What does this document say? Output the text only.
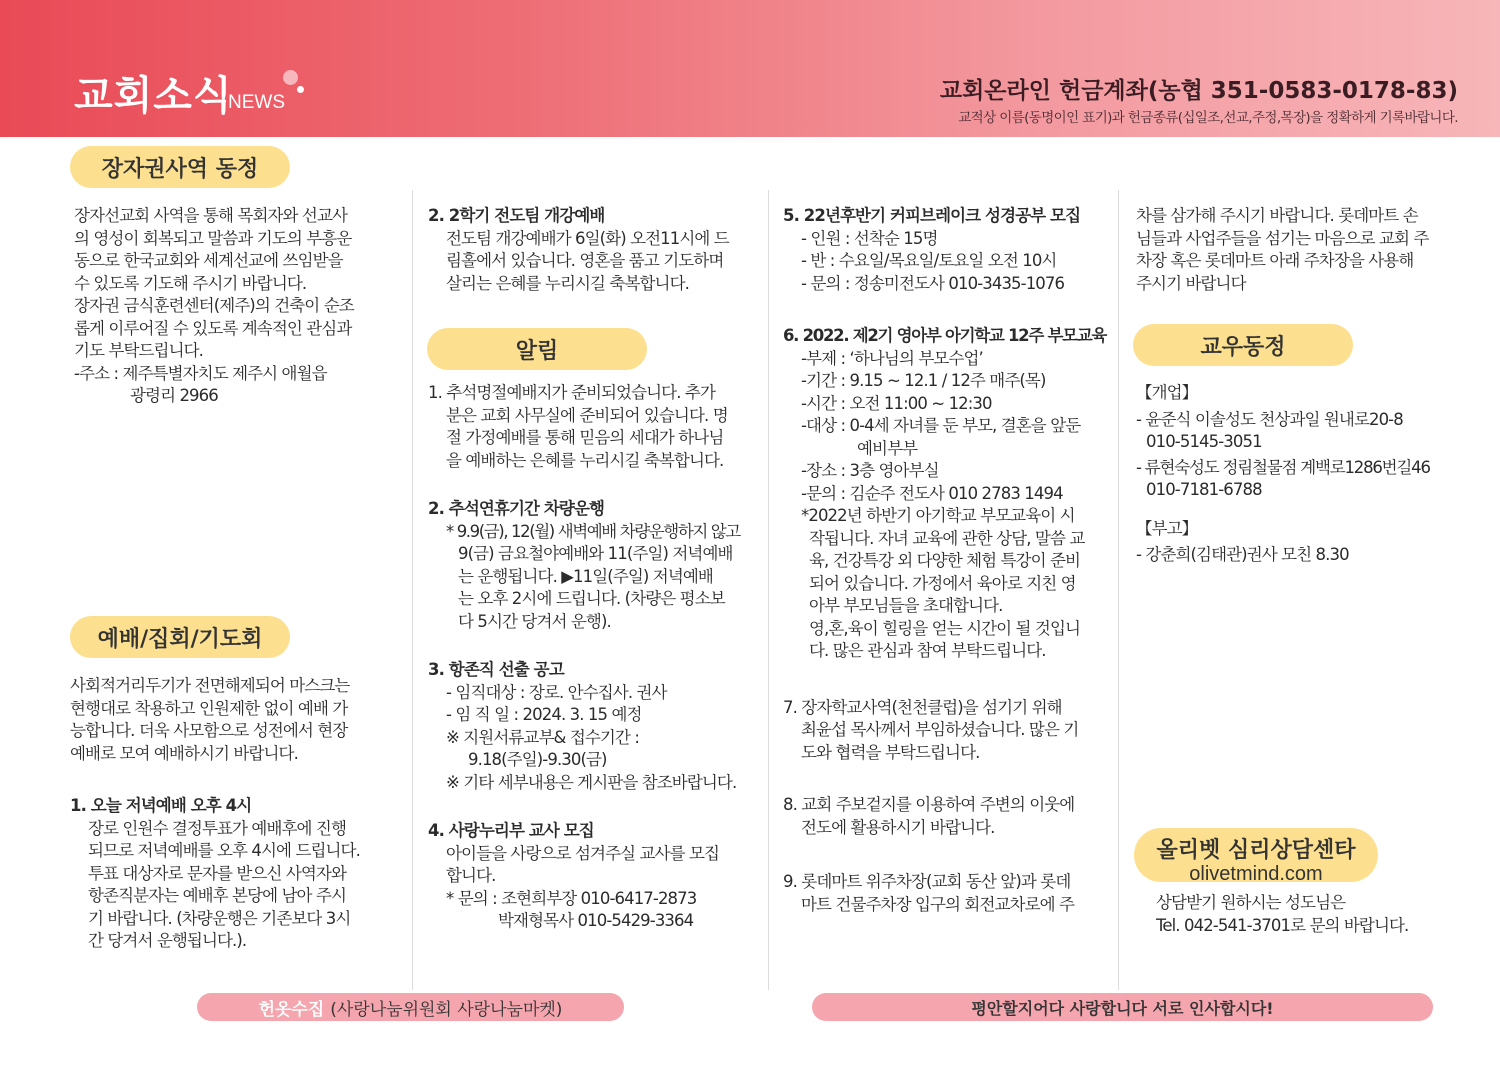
교회소식
NEWS	교회온라인 헌금계좌(농협 351-0583-0178-83)
교적상 이름(동명이인 표기)과 헌금종류(십일조,선교,주정,목장)을 정확하게 기록바랍니다.
장자권사역 동정

장자선교회 사역을 통해 목회자와 선교사

의 영성이 회복되고 말씀과 기도의 부흥운

동으로 한국교회와 세계선교에 쓰임받을

수 있도록 기도해 주시기 바랍니다.

장자권 금식훈련센터(제주)의 건축이 순조

롭게 이루어질 수 있도록 계속적인 관심과

기도 부탁드립니다.

-주소 : 제주특별자치도 제주시 애월읍

광령리 2966

예배/집회/기도회

사회적거리두기가 전면해제되어 마스크는

현행대로 착용하고 인원제한 없이 예배 가

능합니다. 더욱 사모함으로 성전에서 현장

예배로 모여 예배하시기 바랍니다.

1. 오늘 저녁예배 오후 4시

장로 인원수 결정투표가 예배후에 진행

되므로 저녁예배를 오후 4시에 드립니다.

투표 대상자로 문자를 받으신 사역자와

항존직분자는 예배후 본당에 남아 주시

기 바랍니다. (차량운행은 기존보다 3시

간 당겨서 운행됩니다.).

2. 2학기 전도팀 개강예배

전도팀 개강예배가 6일(화) 오전11시에 드

림홀에서 있습니다. 영혼을 품고 기도하며

살리는 은혜를 누리시길 축복합니다.

알림

1. 추석명절예배지가 준비되었습니다. 추가

분은 교회 사무실에 준비되어 있습니다. 명

절 가정예배를 통해 믿음의 세대가 하나님

을 예배하는 은혜를 누리시길 축복합니다.

2. 추석연휴기간 차량운행

* 9.9(금), 12(월) 새벽예배 차량운행하지 않고

9(금) 금요철야예배와 11(주일) 저녁예배

는 운행됩니다. ▶11일(주일) 저녁예배

는 오후 2시에 드립니다. (차량은 평소보

다 5시간 당겨서 운행).

3. 항존직 선출 공고

- 임직대상 : 장로. 안수집사. 권사

- 임 직 일 : 2024. 3. 15 예정

※ 지원서류교부& 접수기간 :

9.18(주일)-9.30(금)

※ 기타 세부내용은 게시판을 참조바랍니다.

4. 사랑누리부 교사 모집

아이들을 사랑으로 섬겨주실 교사를 모집

합니다.

* 문의 : 조현희부장 010-6417-2873

박재형목사 010-5429-3364

5. 22년후반기 커피브레이크 성경공부 모집

- 인원 : 선착순 15명

- 반 : 수요일/목요일/토요일 오전 10시

- 문의 : 정송미전도사 010-3435-1076

6. 2022. 제2기 영아부 아기학교 12주 부모교육

-부제 : ‘하나님의 부모수업’

-기간 : 9.15 ~ 12.1 / 12주 매주(목)

-시간 : 오전 11:00 ~ 12:30

-대상 : 0-4세 자녀를 둔 부모, 결혼을 앞둔

예비부부

-장소 : 3층 영아부실

-문의 : 김순주 전도사 010 2783 1494

*2022년 하반기 아기학교 부모교육이 시

작됩니다. 자녀 교육에 관한 상담, 말씀 교

육, 건강특강 외 다양한 체험 특강이 준비

되어 있습니다. 가정에서 육아로 지친 영

아부 부모님들을 초대합니다.

영,혼,육이 힐링을 얻는 시간이 될 것입니

다. 많은 관심과 참여 부탁드립니다.

7. 장자학교사역(천천클럽)을 섬기기 위해

최윤섭 목사께서 부임하셨습니다. 많은 기

도와 협력을 부탁드립니다.

8. 교회 주보겉지를 이용하여 주변의 이웃에

전도에 활용하시기 바랍니다.

9. 롯데마트 위주차장(교회 동산 앞)과 롯데

마트 건물주차장 입구의 회전교차로에 주

차를 삼가해 주시기 바랍니다. 롯데마트 손

님들과 사업주들을 섬기는 마음으로 교회 주

차장 혹은 롯데마트 아래 주차장을 사용해

주시기 바랍니다

교우동정

【개업】

- 윤준식 이솔성도 천상과일 원내로20-8

010-5145-3051

- 류현숙성도 정림철물점 계백로1286번길46

010-7181-6788

【부고】

- 강춘희(김태관)권사 모친 8.30

올리벳 심리상담센타
olivetmind.com

상담받기 원하시는 성도님은

Tel. 042-541-3701로 문의 바랍니다.

헌옷수집 (사랑나눔위원회 사랑나눔마켓)	평안할지어다 사랑합니다 서로 인사합시다!
